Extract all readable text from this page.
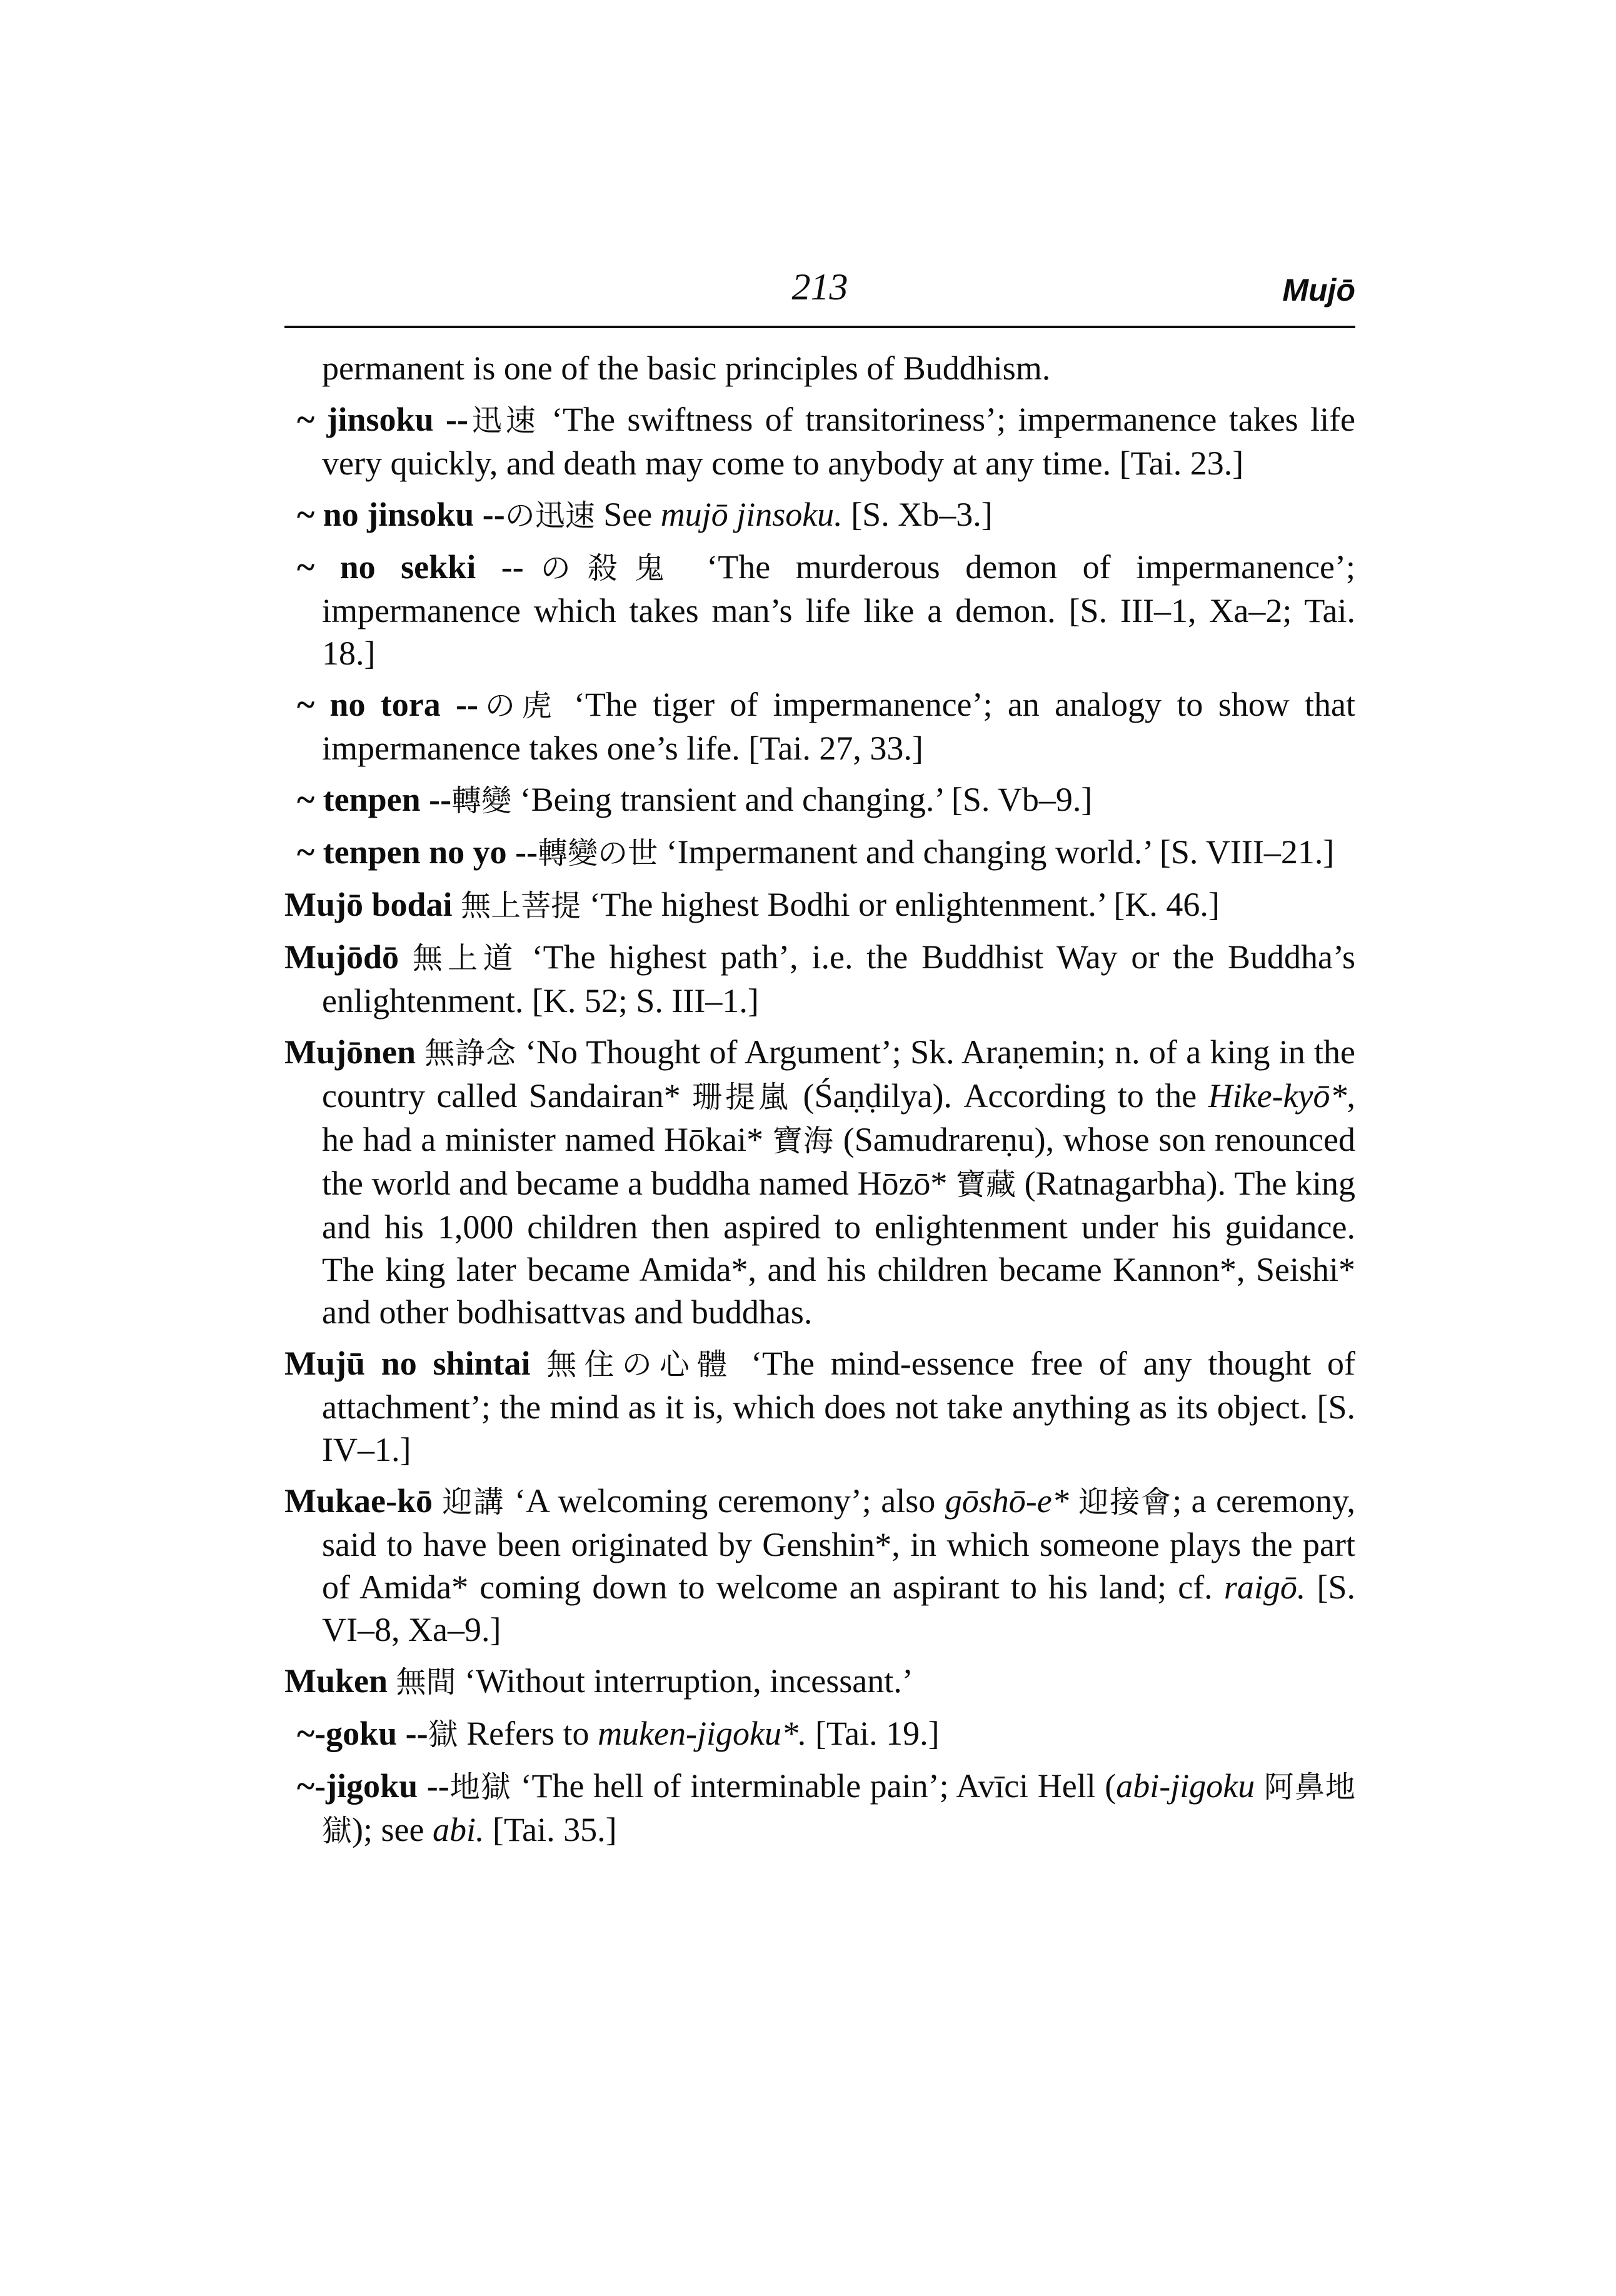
213	Mujō
permanent is one of the basic principles of Buddhism.
~ jinsoku --迅速 ‘The swiftness of transitoriness’; impermanence takes life very quickly, and death may come to anybody at any time. [Tai. 23.]
~ no jinsoku --の迅速 See mujō jinsoku. [S. Xb–3.]
~ no sekki --の殺鬼 ‘The murderous demon of impermanence’; impermanence which takes man’s life like a demon. [S. III–1, Xa–2; Tai. 18.]
~ no tora --の虎 ‘The tiger of impermanence’; an analogy to show that impermanence takes one’s life. [Tai. 27, 33.]
~ tenpen --轉變 ‘Being transient and changing.’ [S. Vb–9.]
~ tenpen no yo --轉變の世 ‘Impermanent and changing world.’ [S. VIII–21.]
Mujō bodai 無上菩提 ‘The highest Bodhi or enlightenment.’ [K. 46.]
Mujōdō 無上道 ‘The highest path’, i.e. the Buddhist Way or the Buddha’s enlightenment. [K. 52; S. III–1.]
Mujōnen 無諍念 ‘No Thought of Argument’; Sk. Araṇemin; n. of a king in the country called Sandairan* 珊提嵐 (Śaṇḍilya). According to the Hike-kyō*, he had a minister named Hōkai* 寶海 (Samudrareṇu), whose son renounced the world and became a buddha named Hōzō* 寶藏 (Ratnagarbha). The king and his 1,000 children then aspired to enlightenment under his guidance. The king later became Amida*, and his children became Kannon*, Seishi* and other bodhisattvas and buddhas.
Mujū no shintai 無住の心體 ‘The mind-essence free of any thought of attachment’; the mind as it is, which does not take anything as its object. [S. IV–1.]
Mukae-kō 迎講 ‘A welcoming ceremony’; also gōshō-e* 迎接會; a ceremony, said to have been originated by Genshin*, in which someone plays the part of Amida* coming down to welcome an aspirant to his land; cf. raigō. [S. VI–8, Xa–9.]
Muken 無間 ‘Without interruption, incessant.’
~-goku --獄 Refers to muken-jigoku*. [Tai. 19.]
~-jigoku --地獄 ‘The hell of interminable pain’; Avīci Hell (abi-jigoku 阿鼻地獄); see abi. [Tai. 35.]
